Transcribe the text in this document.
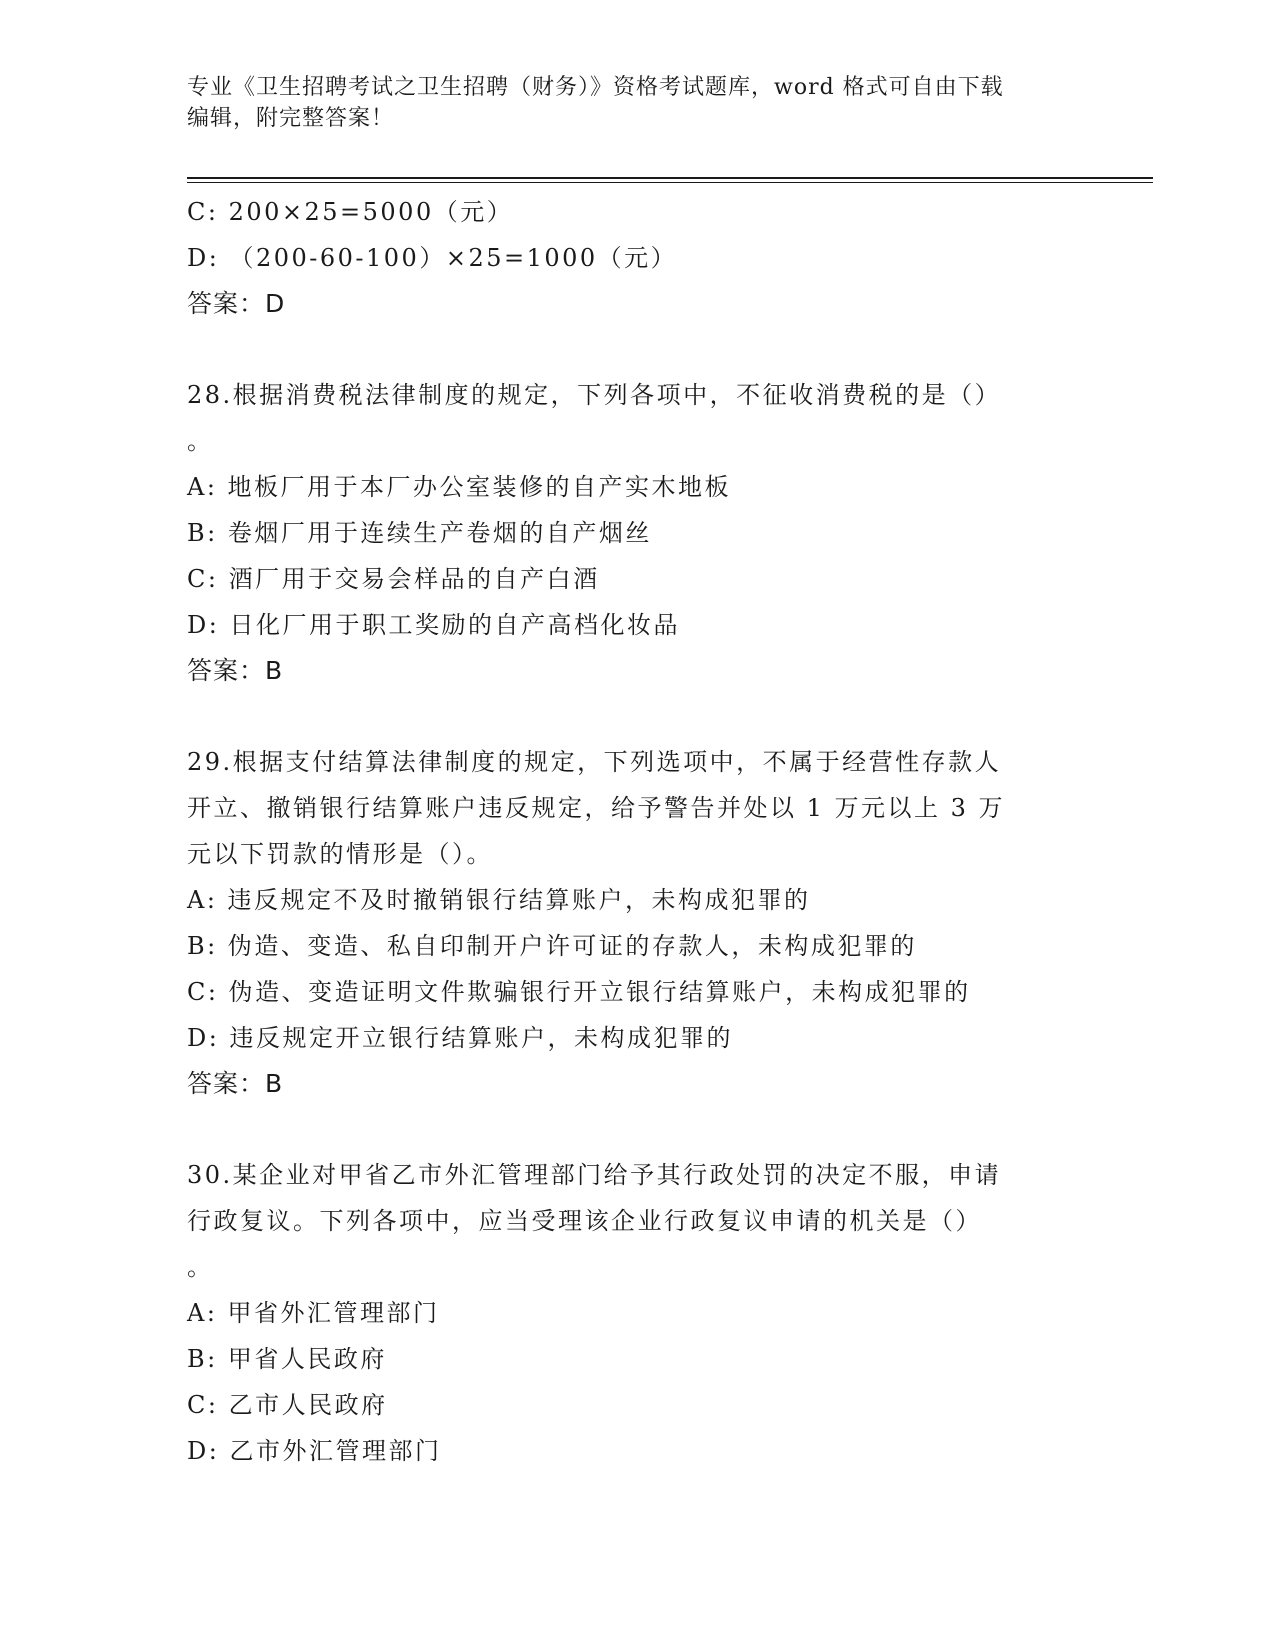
专业《卫生招聘考试之卫生招聘（财务）》资格考试题库，word 格式可自由下载
编辑，附完整答案！
C: 200×25=5000（元）
D: （200-60-100）×25=1000（元）
答案：D
28.根据消费税法律制度的规定，下列各项中，不征收消费税的是（）
。
A: 地板厂用于本厂办公室装修的自产实木地板
B: 卷烟厂用于连续生产卷烟的自产烟丝
C: 酒厂用于交易会样品的自产白酒
D: 日化厂用于职工奖励的自产高档化妆品
答案：B
29.根据支付结算法律制度的规定，下列选项中，不属于经营性存款人
开立、撤销银行结算账户违反规定，给予警告并处以 1 万元以上 3 万
元以下罚款的情形是（）。
A: 违反规定不及时撤销银行结算账户，未构成犯罪的
B: 伪造、变造、私自印制开户许可证的存款人，未构成犯罪的
C: 伪造、变造证明文件欺骗银行开立银行结算账户，未构成犯罪的
D: 违反规定开立银行结算账户，未构成犯罪的
答案：B
30.某企业对甲省乙市外汇管理部门给予其行政处罚的决定不服，申请
行政复议。下列各项中，应当受理该企业行政复议申请的机关是（）
。
A: 甲省外汇管理部门
B: 甲省人民政府
C: 乙市人民政府
D: 乙市外汇管理部门
